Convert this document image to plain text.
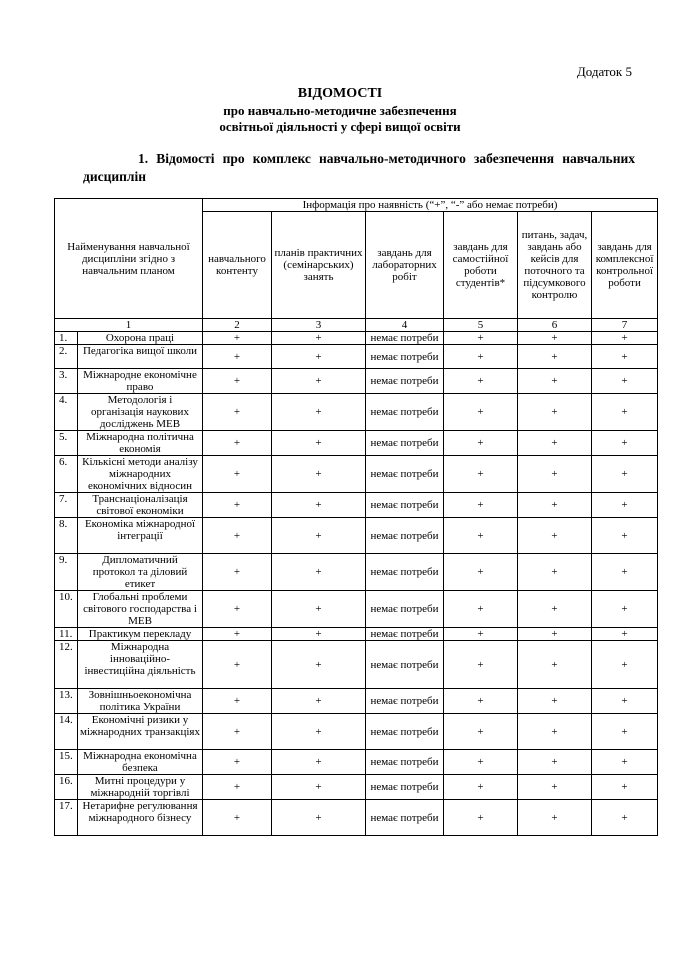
Додаток 5
ВІДОМОСТІ
про навчально-методичне забезпечення
освітньої діяльності у сфері вищої освіти
1. Відомості про комплекс навчально-методичного забезпечення навчальних дисциплін
Найменування навчальної дисципліни згідно з навчальним планом		Інформація про наявність (“+”, “-” або немає потреби)					
		навчального контенту	планів практичних (семінарських) занять	завдань для лабораторних робіт	завдань для самостійної роботи студентів*	питань, задач, завдань або кейсів для поточного та підсумкового контролю	завдань для комплексної контрольної роботи
1		2	3	4	5	6	7
1.	Охорона праці	+	+	немає потреби	+	+	+
2.	Педагогіка вищої школи	+	+	немає потреби	+	+	+
3.	Міжнародне економічне право	+	+	немає потреби	+	+	+
4.	Методологія і організація наукових досліджень МЕВ	+	+	немає потреби	+	+	+
5.	Міжнародна політична економія	+	+	немає потреби	+	+	+
6.	Кількісні методи аналізу міжнародних економічних відносин	+	+	немає потреби	+	+	+
7.	Транснаціоналізація світової економіки	+	+	немає потреби	+	+	+
8.	Економіка міжнародної інтеграції	+	+	немає потреби	+	+	+
9.	Дипломатичний протокол та діловий етикет	+	+	немає потреби	+	+	+
10.	Глобальні проблеми світового господарства і МЕВ	+	+	немає потреби	+	+	+
11.	Практикум перекладу	+	+	немає потреби	+	+	+
12.	Міжнародна інноваційно-інвестиційна діяльність	+	+	немає потреби	+	+	+
13.	Зовнішньоекономічна політика України	+	+	немає потреби	+	+	+
14.	Економічні ризики у міжнародних транзакціях	+	+	немає потреби	+	+	+
15.	Міжнародна економічна безпека	+	+	немає потреби	+	+	+
16.	Митні процедури у міжнародній торгівлі	+	+	немає потреби	+	+	+
17.	Нетарифне регулювання міжнародного бізнесу	+	+	немає потреби	+	+	+
